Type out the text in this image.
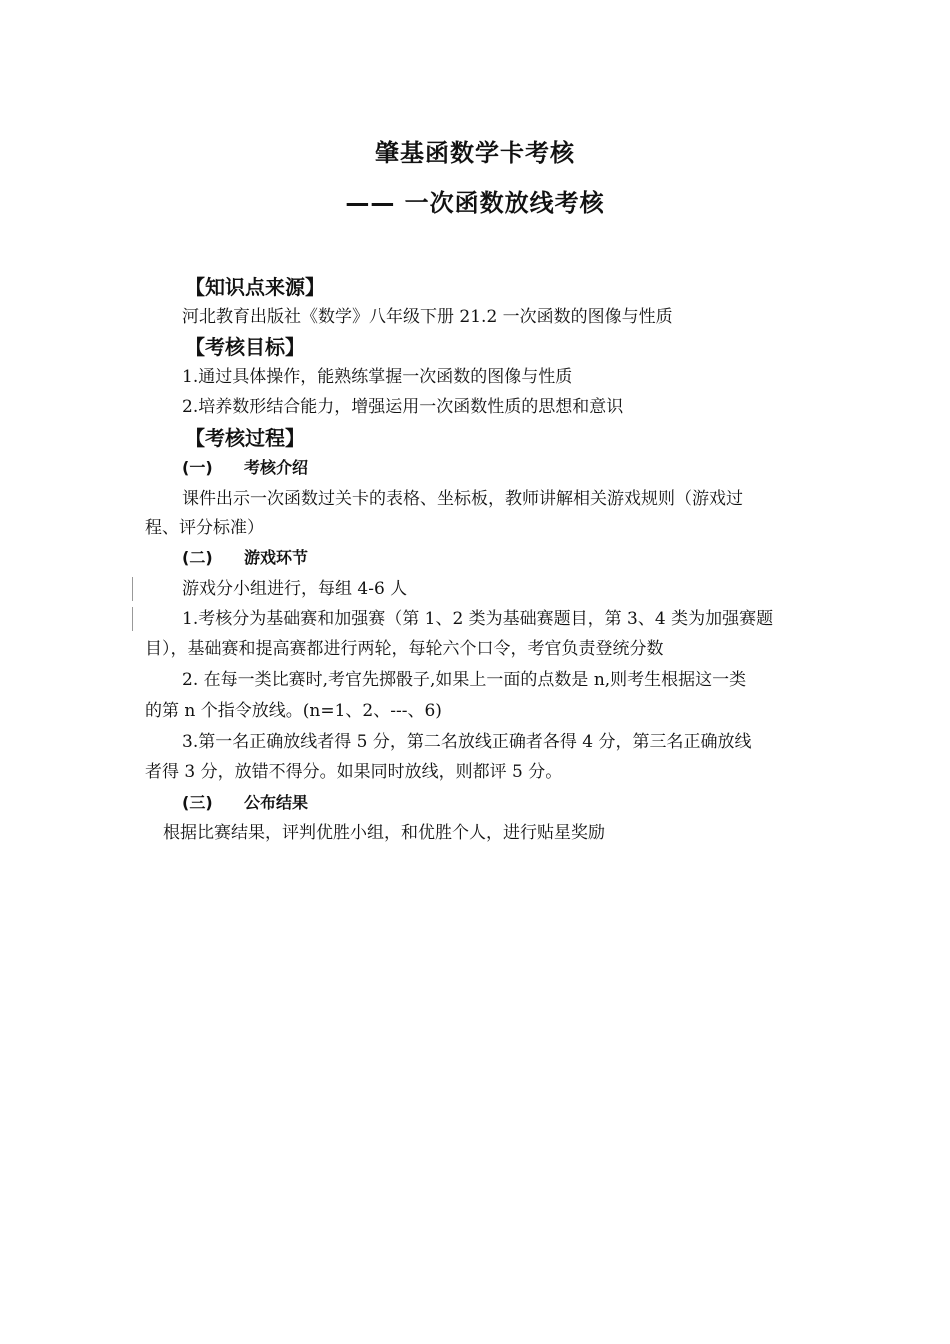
肇基函数学卡考核
—— 一次函数放线考核
【知识点来源】
河北教育出版社《数学》八年级下册 21.2 一次函数的图像与性质
【考核目标】
1.通过具体操作，能熟练掌握一次函数的图像与性质
2.培养数形结合能力，增强运用一次函数性质的思想和意识
【考核过程】
(一) 考核介绍
课件出示一次函数过关卡的表格、坐标板，教师讲解相关游戏规则（游戏过
程、评分标准）
(二) 游戏环节
游戏分小组进行，每组 4-6 人
1.考核分为基础赛和加强赛（第 1、2 类为基础赛题目，第 3、4 类为加强赛题
目），基础赛和提高赛都进行两轮，每轮六个口令，考官负责登统分数
2. 在每一类比赛时,考官先掷骰子,如果上一面的点数是 n,则考生根据这一类
的第 n 个指令放线。(n=1、2、---、6)
3.第一名正确放线者得 5 分，第二名放线正确者各得 4 分，第三名正确放线
者得 3 分，放错不得分。如果同时放线，则都评 5 分。
(三) 公布结果
根据比赛结果，评判优胜小组，和优胜个人，进行贴星奖励
